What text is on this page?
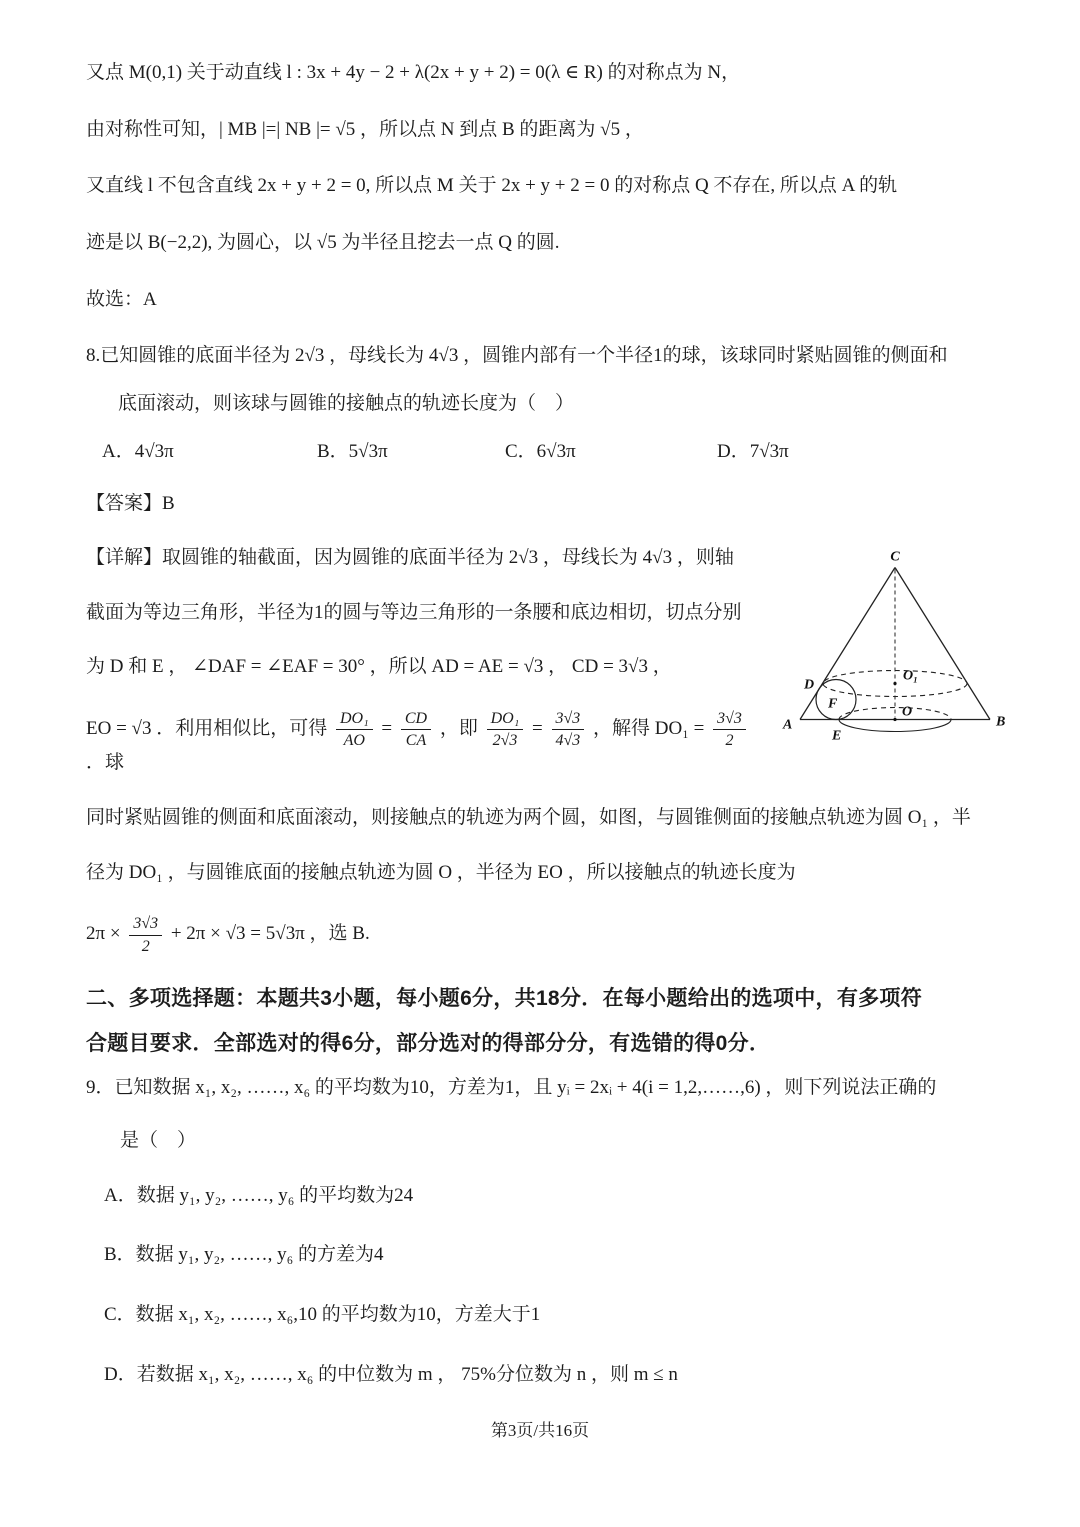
又点 M(0,1) 关于动直线 l : 3x + 4y − 2 + λ(2x + y + 2) = 0(λ ∈ R) 的对称点为 N，

由对称性可知，| MB |=| NB |= √5 ，所以点 N 到点 B 的距离为 √5 ，

又直线 l 不包含直线 2x + y + 2 = 0, 所以点 M 关于 2x + y + 2 = 0 的对称点 Q 不存在, 所以点 A 的轨

迹是以 B(−2,2), 为圆心，以 √5 为半径且挖去一点 Q 的圆.

故选：A

8.已知圆锥的底面半径为 2√3 ，母线长为 4√3 ，圆锥内部有一个半径1的球，该球同时紧贴圆锥的侧面和

底面滚动，则该球与圆锥的接触点的轨迹长度为（　）

A．4√3π	B．5√3π	C．6√3π	D．7√3π

【答案】B

C
D
O₁
F
O
A
E
B

【详解】取圆锥的轴截面，因为圆锥的底面半径为 2√3 ，母线长为 4√3 ，则轴

截面为等边三角形，半径为1的圆与等边三角形的一条腰和底边相切，切点分别

为 D 和 E ， ∠DAF = ∠EAF = 30° ，所以 AD = AE = √3 ， CD = 3√3 ，

EO = √3 ．利用相似比，可得 $\frac{\text{DO₁}}{AO} = \frac{CD}{CA}$ ，即 $\frac{\text{DO₁}}{2√3} = \frac{3√3}{4√3}$ ，解得 $DO_1 = \frac{3√3}{2}$
．球

同时紧贴圆锥的侧面和底面滚动，则接触点的轨迹为两个圆，如图，与圆锥侧面的接触点轨迹为圆 O₁ ，半

径为 DO₁ ，与圆锥底面的接触点轨迹为圆 O ，半径为 EO ，所以接触点的轨迹长度为

$2\pi \times \frac{3√3}{2} + 2\pi \times √3 = 5√3\pi$ ，选 B.

二、多项选择题：本题共3小题，每小题6分，共18分．在每小题给出的选项中，有多项符

合题目要求．全部选对的得6分，部分选对的得部分分，有选错的得0分．

9．已知数据 x₁, x₂, ……, x₆ 的平均数为10，方差为1，且 yᵢ = 2xᵢ + 4(i = 1,2,……,6) ，则下列说法正确的

是（　）

A．数据 y₁, y₂, ……, y₆ 的平均数为24

B．数据 y₁, y₂, ……, y₆ 的方差为4

C．数据 x₁, x₂, ……, x₆,10 的平均数为10，方差大于1

D．若数据 x₁, x₂, ……, x₆ 的中位数为 m ， 75%分位数为 n ，则 m ≤ n

第3页/共16页
